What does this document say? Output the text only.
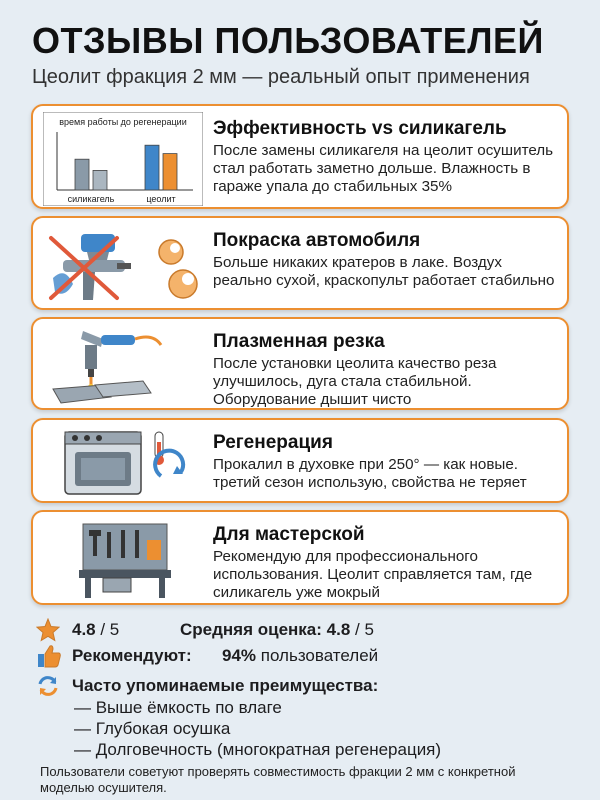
ОТЗЫВЫ ПОЛЬЗОВАТЕЛЕЙ
Цеолит фракция 2 мм — реальный опыт применения
время работы до регенерации
силикагель	цеолит
Эффективность vs силикагель
После замены силикагеля на цеолит осушитель стал работать заметно дольше. Влажность в гараже упала до стабильных 35%
Покраска автомобиля
Больше никаких кратеров в лаке. Воздух реально сухой, краскопульт работает стабильно
Плазменная резка
После установки цеолита качество реза улучшилось, дуга стала стабильной. Оборудование дышит чисто
Регенерация
Прокалил в духовке при 250° — как новые. третий сезон использую, свойства не теряет
Для мастерской
Рекомендую для профессионального использования. Цеолит справляется там, где силикагель уже мокрый
4.8 / 5	Средняя оценка: 4.8 / 5
Рекомендуют: 94% пользователей
Часто упоминаемые преимущества:
— Выше ёмкость по влаге
— Глубокая осушка
— Долговечность (многократная регенерация)
Пользователи советуют проверять совместимость фракции 2 мм с конкретной моделью осушителя.
